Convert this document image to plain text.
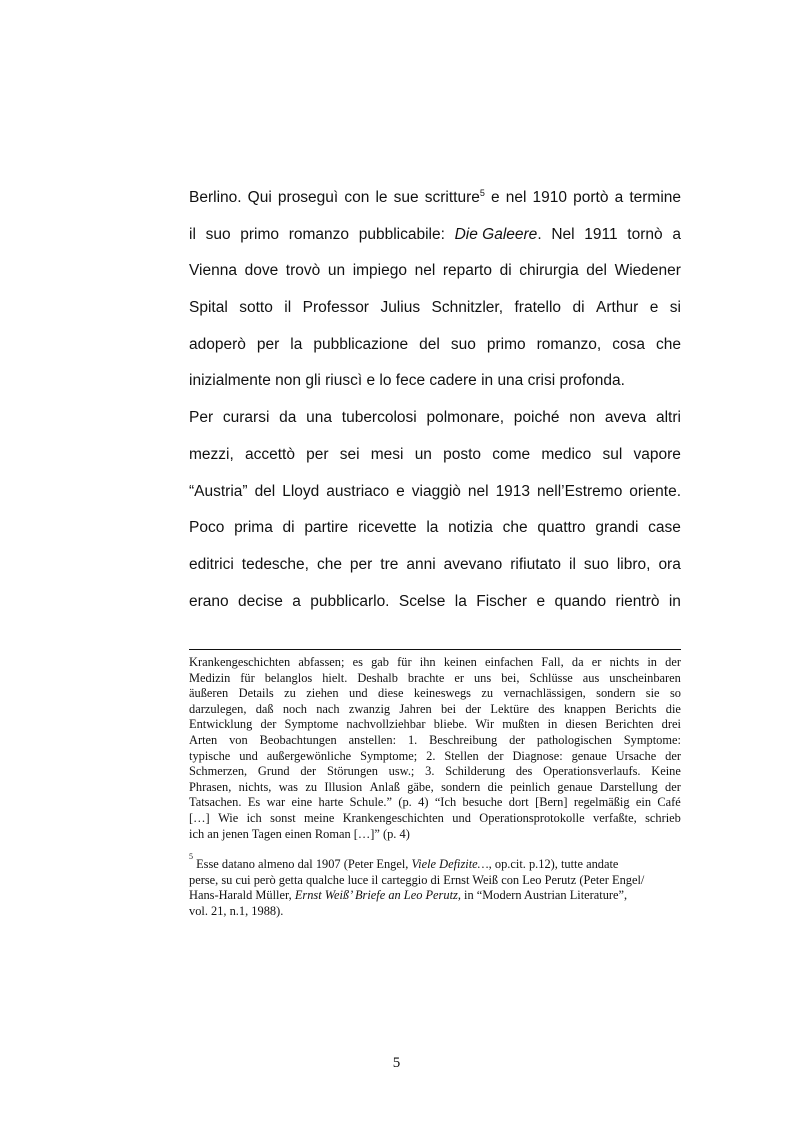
Berlino. Qui proseguì con le sue scritture$^5$ e nel 1910 portò a termine
il suo primo romanzo pubblicabile: Die Galeere. Nel 1911 tornò a
Vienna dove trovò un impiego nel reparto di chirurgia del Wiedener
Spital sotto il Professor Julius Schnitzler, fratello di Arthur e si
adoperò per la pubblicazione del suo primo romanzo, cosa che
inizialmente non gli riuscì e lo fece cadere in una crisi profonda.
Per curarsi da una tubercolosi polmonare, poiché non aveva altri
mezzi, accettò per sei mesi un posto come medico sul vapore
“Austria” del Lloyd austriaco e viaggiò nel 1913 nell’Estremo oriente.
Poco prima di partire ricevette la notizia che quattro grandi case
editrici tedesche, che per tre anni avevano rifiutato il suo libro, ora
erano decise a pubblicarlo. Scelse la Fischer e quando rientrò in
Krankengeschichten abfassen; es gab für ihn keinen einfachen Fall, da er nichts in der
Medizin für belanglos hielt. Deshalb brachte er uns bei, Schlüsse aus unscheinbaren
äußeren Details zu ziehen und diese keineswegs zu vernachlässigen, sondern sie so
darzulegen, daß noch nach zwanzig Jahren bei der Lektüre des knappen Berichts die
Entwicklung der Symptome nachvollziehbar bliebe. Wir mußten in diesen Berichten drei
Arten von Beobachtungen anstellen: 1. Beschreibung der pathologischen Symptome:
typische und außergewönliche Symptome; 2. Stellen der Diagnose: genaue Ursache der
Schmerzen, Grund der Störungen usw.; 3. Schilderung des Operationsverlaufs. Keine
Phrasen, nichts, was zu Illusion Anlaß gäbe, sondern die peinlich genaue Darstellung der
Tatsachen. Es war eine harte Schule.” (p. 4) “Ich besuche dort [Bern] regelmäßig ein Café
[…] Wie ich sonst meine Krankengeschichten und Operationsprotokolle verfaßte, schrieb
ich an jenen Tagen einen Roman […]” (p. 4)
5
Esse datano almeno dal 1907 (Peter Engel, Viele Defizite…, op.cit. p.12), tutte andate
perse, su cui però getta qualche luce il carteggio di Ernst Weiß con Leo Perutz (Peter Engel/
Hans-Harald Müller, Ernst Weiß’ Briefe an Leo Perutz, in “Modern Austrian Literature”,
vol. 21, n.1, 1988).
5
